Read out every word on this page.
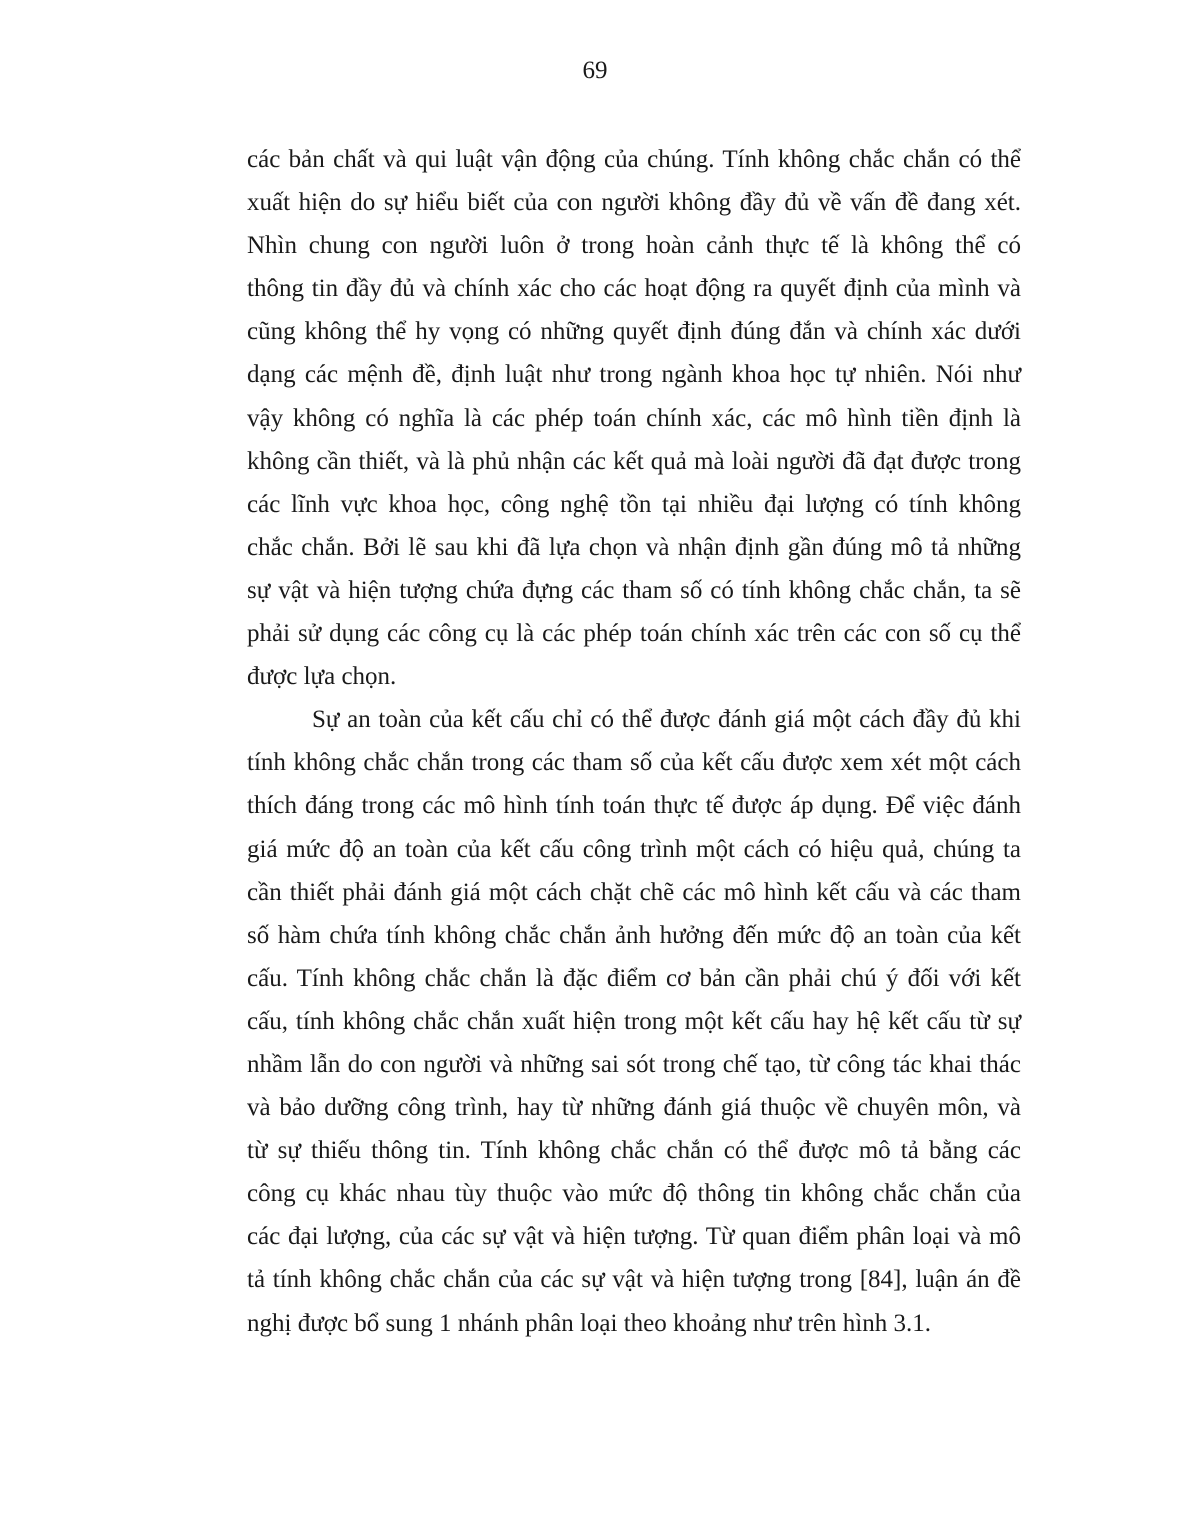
69

các bản chất và qui luật vận động của chúng. Tính không chắc chắn có thể
xuất hiện do sự hiểu biết của con người không đầy đủ về vấn đề đang xét.
Nhìn chung con người luôn ở trong hoàn cảnh thực tế là không thể có
thông tin đầy đủ và chính xác cho các hoạt động ra quyết định của mình và
cũng không thể hy vọng có những quyết định đúng đắn và chính xác dưới
dạng các mệnh đề, định luật như trong ngành khoa học tự nhiên. Nói như
vậy không có nghĩa là các phép toán chính xác, các mô hình tiền định là
không cần thiết, và là phủ nhận các kết quả mà loài người đã đạt được trong
các lĩnh vực khoa học, công nghệ tồn tại nhiều đại lượng có tính không
chắc chắn. Bởi lẽ sau khi đã lựa chọn và nhận định gần đúng mô tả những
sự vật và hiện tượng chứa đựng các tham số có tính không chắc chắn, ta sẽ
phải sử dụng các công cụ là các phép toán chính xác trên các con số cụ thể
được lựa chọn.

Sự an toàn của kết cấu chỉ có thể được đánh giá một cách đầy đủ khi
tính không chắc chắn trong các tham số của kết cấu được xem xét một cách
thích đáng trong các mô hình tính toán thực tế được áp dụng. Để việc đánh
giá mức độ an toàn của kết cấu công trình một cách có hiệu quả, chúng ta
cần thiết phải đánh giá một cách chặt chẽ các mô hình kết cấu và các tham
số hàm chứa tính không chắc chắn ảnh hưởng đến mức độ an toàn của kết
cấu. Tính không chắc chắn là đặc điểm cơ bản cần phải chú ý đối với kết
cấu, tính không chắc chắn xuất hiện trong một kết cấu hay hệ kết cấu từ sự
nhầm lẫn do con người và những sai sót trong chế tạo, từ công tác khai thác
và bảo dưỡng công trình, hay từ những đánh giá thuộc về chuyên môn, và
từ sự thiếu thông tin. Tính không chắc chắn có thể được mô tả bằng các
công cụ khác nhau tùy thuộc vào mức độ thông tin không chắc chắn của
các đại lượng, của các sự vật và hiện tượng. Từ quan điểm phân loại và mô
tả tính không chắc chắn của các sự vật và hiện tượng trong [84], luận án đề
nghị được bổ sung 1 nhánh phân loại theo khoảng như trên hình 3.1.
